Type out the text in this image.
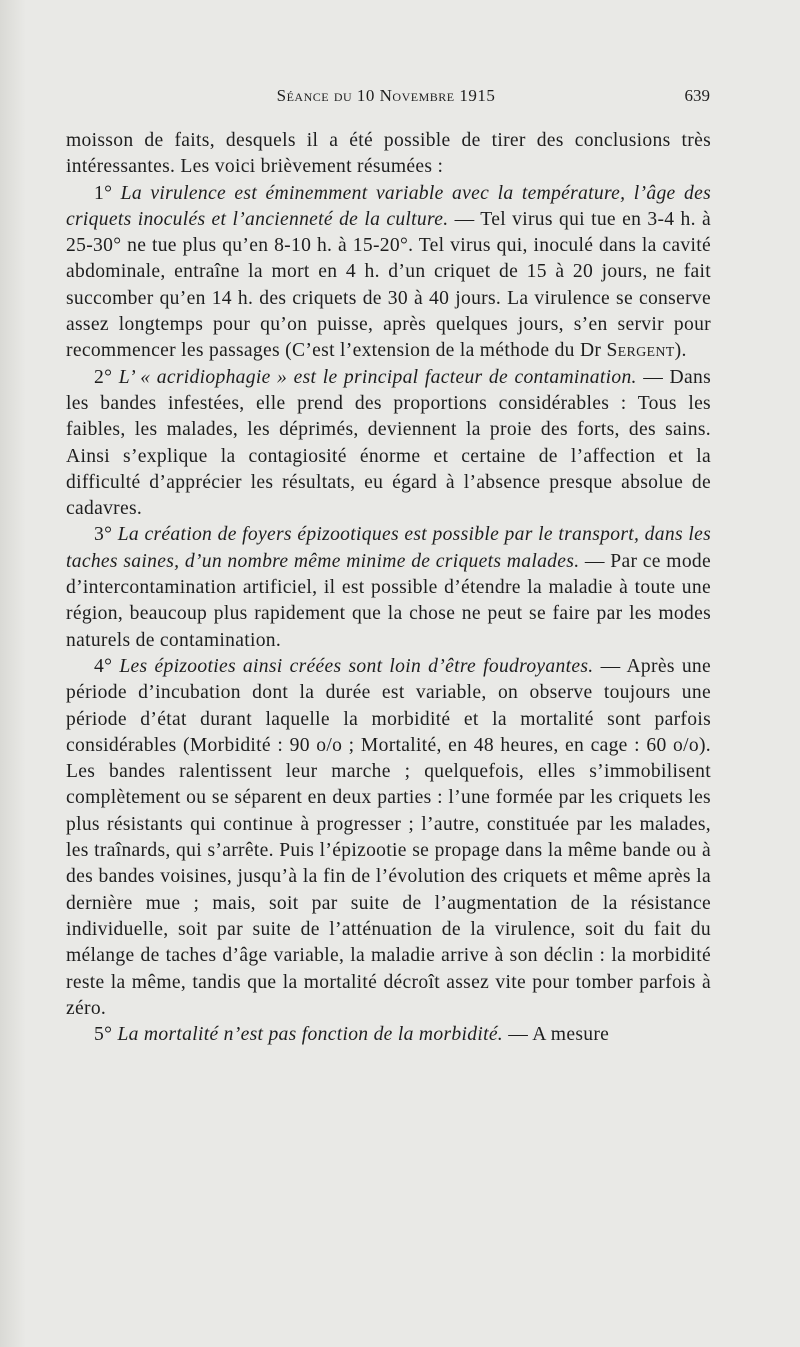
Séance du 10 Novembre 1915	639

moisson de faits, desquels il a été possible de tirer des conclusions très intéressantes. Les voici brièvement résumées :

1° La virulence est éminemment variable avec la température, l’âge des criquets inoculés et l’ancienneté de la culture. — Tel virus qui tue en 3-4 h. à 25-30° ne tue plus qu’en 8-10 h. à 15-20°. Tel virus qui, inoculé dans la cavité abdominale, entraîne la mort en 4 h. d’un criquet de 15 à 20 jours, ne fait succomber qu’en 14 h. des criquets de 30 à 40 jours. La virulence se conserve assez longtemps pour qu’on puisse, après quelques jours, s’en servir pour recommencer les passages (C’est l’extension de la méthode du Dr Sergent).

2° L’ « acridiophagie » est le principal facteur de contamination. — Dans les bandes infestées, elle prend des proportions considérables : Tous les faibles, les malades, les déprimés, deviennent la proie des forts, des sains. Ainsi s’explique la contagiosité énorme et certaine de l’affection et la difficulté d’apprécier les résultats, eu égard à l’absence presque absolue de cadavres.

3° La création de foyers épizootiques est possible par le transport, dans les taches saines, d’un nombre même minime de criquets malades. — Par ce mode d’intercontamination artificiel, il est possible d’étendre la maladie à toute une région, beaucoup plus rapidement que la chose ne peut se faire par les modes naturels de contamination.

4° Les épizooties ainsi créées sont loin d’être foudroyantes. — Après une période d’incubation dont la durée est variable, on observe toujours une période d’état durant laquelle la morbidité et la mortalité sont parfois considérables (Morbidité : 90 o/o ; Mortalité, en 48 heures, en cage : 60 o/o). Les bandes ralentissent leur marche ; quelquefois, elles s’immobilisent complètement ou se séparent en deux parties : l’une formée par les criquets les plus résistants qui continue à progresser ; l’autre, constituée par les malades, les traînards, qui s’arrête. Puis l’épizootie se propage dans la même bande ou à des bandes voisines, jusqu’à la fin de l’évolution des criquets et même après la dernière mue ; mais, soit par suite de l’augmentation de la résistance individuelle, soit par suite de l’atténuation de la virulence, soit du fait du mélange de taches d’âge variable, la maladie arrive à son déclin : la morbidité reste la même, tandis que la mortalité décroît assez vite pour tomber parfois à zéro.

5° La mortalité n’est pas fonction de la morbidité. — A mesure
